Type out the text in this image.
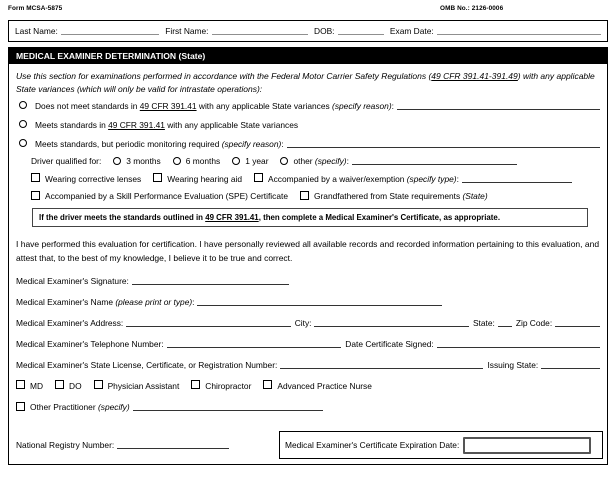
Form MCSA-5875	OMB No.: 2126-0006
Last Name:	First Name:	DOB:	Exam Date:
MEDICAL EXAMINER DETERMINATION (State)
Use this section for examinations performed in accordance with the Federal Motor Carrier Safety Regulations (49 CFR 391.41-391.49) with any applicable State variances (which will only be valid for intrastate operations):
Does not meet standards in 49 CFR 391.41 with any applicable State variances (specify reason):
Meets standards in 49 CFR 391.41 with any applicable State variances
Meets standards, but periodic monitoring required (specify reason):
Driver qualified for:	3 months	6 months	1 year	other (specify):
Wearing corrective lenses	Wearing hearing aid	Accompanied by a waiver/exemption (specify type):
Accompanied by a Skill Performance Evaluation (SPE) Certificate	Grandfathered from State requirements (State)
If the driver meets the standards outlined in 49 CFR 391.41, then complete a Medical Examiner's Certificate, as appropriate.
I have performed this evaluation for certification. I have personally reviewed all available records and recorded information pertaining to this evaluation, and attest that, to the best of my knowledge, I believe it to be true and correct.
Medical Examiner's Signature:
Medical Examiner's Name (please print or type):
Medical Examiner's Address:	City:	State:	Zip Code:
Medical Examiner's Telephone Number:	Date Certificate Signed:
Medical Examiner's State License, Certificate, or Registration Number:	Issuing State:
MD	DO	Physician Assistant	Chiropractor	Advanced Practice Nurse
Other Practitioner (specify)
National Registry Number:	Medical Examiner's Certificate Expiration Date:
